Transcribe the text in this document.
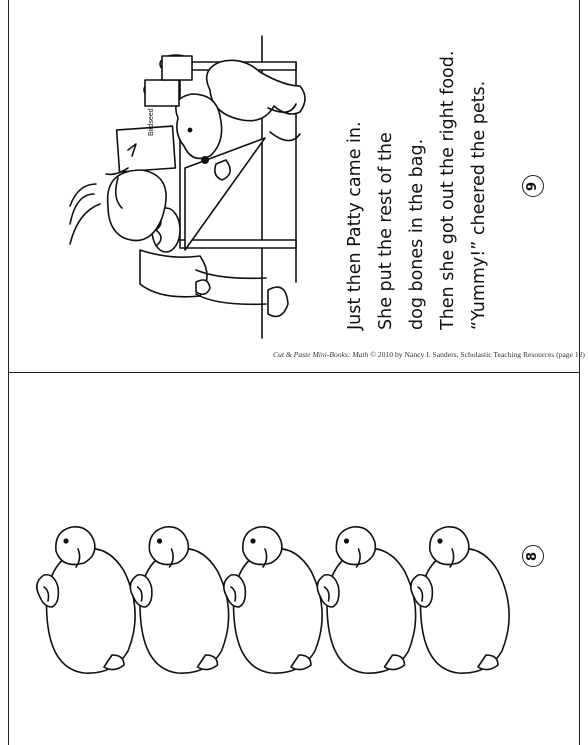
Birdseed	Just then Patty came in. She put the rest of the dog bones in the bag. Then she got out the right food. “Yummy!” cheered the pets.	9
Cut & Paste Mini-Books: Math © 2010 by Nancy I. Sanders, Scholastic Teaching Resources (page 12)
8
